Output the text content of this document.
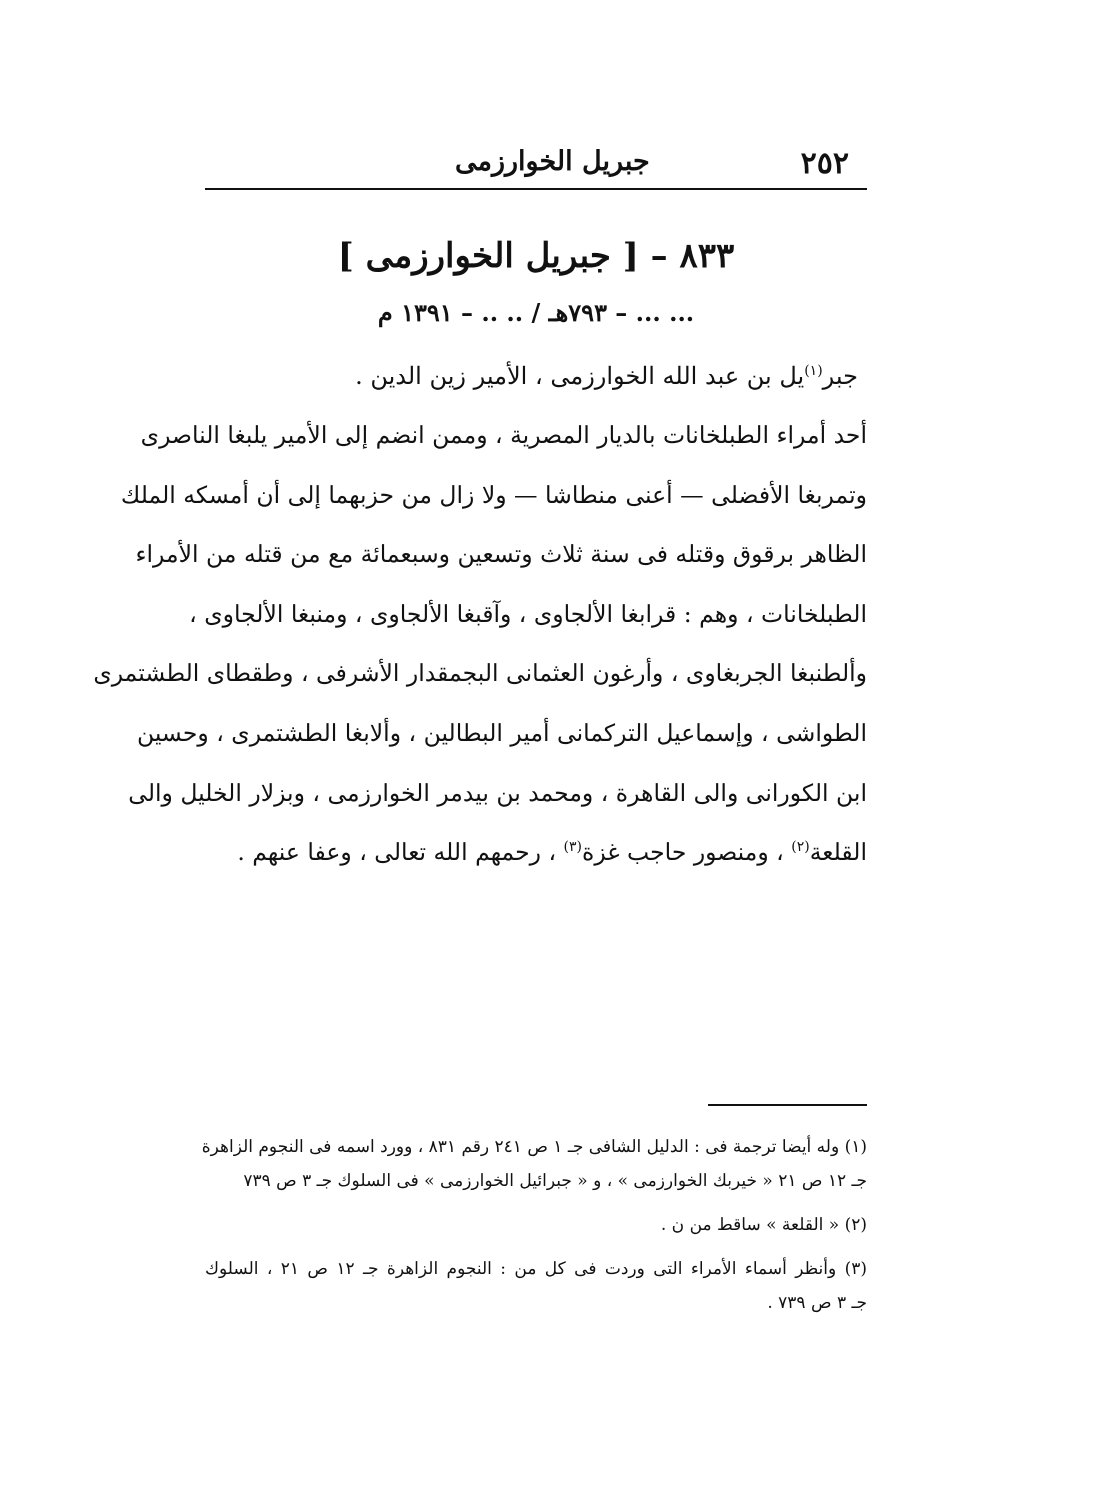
٢٥٢
جبريل الخوارزمى
٨٣٣ – [ جبريل الخوارزمى ]
... ... – ٧٩٣هـ / .. .. – ١٣٩١ م
جبر$^{(١)}$يل بن عبد الله الخوارزمى ، الأمير زين الدين .
أحد أمراء الطبلخانات بالديار المصرية ، وممن انضم إلى الأمير يلبغا الناصرى
وتمربغا الأفضلى — أعنى منطاشا — ولا زال من حزبهما إلى أن أمسكه الملك
الظاهر برقوق وقتله فى سنة ثلاث وتسعين وسبعمائة مع من قتله من الأمراء
الطبلخانات ، وهم : قرابغا الألجاوى ، وآقبغا الألجاوى ، ومنبغا الألجاوى ،
وألطنبغا الجربغاوى ، وأرغون العثمانى البجمقدار الأشرفى ، وطقطاى الطشتمرى
الطواشى ، وإسماعيل التركمانى أمير البطالين ، وألابغا الطشتمرى ، وحسين
ابن الكورانى والى القاهرة ، ومحمد بن بيدمر الخوارزمى ، وبزلار الخليل والى
القلعة$^{(٢)}$ ، ومنصور حاجب غزة$^{(٣)}$ ، رحمهم الله تعالى ، وعفا عنهم .
(١) وله أيضا ترجمة فى : الدليل الشافى جـ ١ ص ٢٤١ رقم ٨٣١ ، وورد اسمه فى النجوم الزاهرة
جـ ١٢ ص ٢١ « خيربك الخوارزمى » ، و « جبرائيل الخوارزمى » فى السلوك جـ ٣ ص ٧٣٩
(٢) « القلعة » ساقط من ن .
(٣) وأنظر أسماء الأمراء التى وردت فى كل من : النجوم الزاهرة جـ ١٢ ص ٢١ ، السلوك
جـ ٣ ص ٧٣٩ .
